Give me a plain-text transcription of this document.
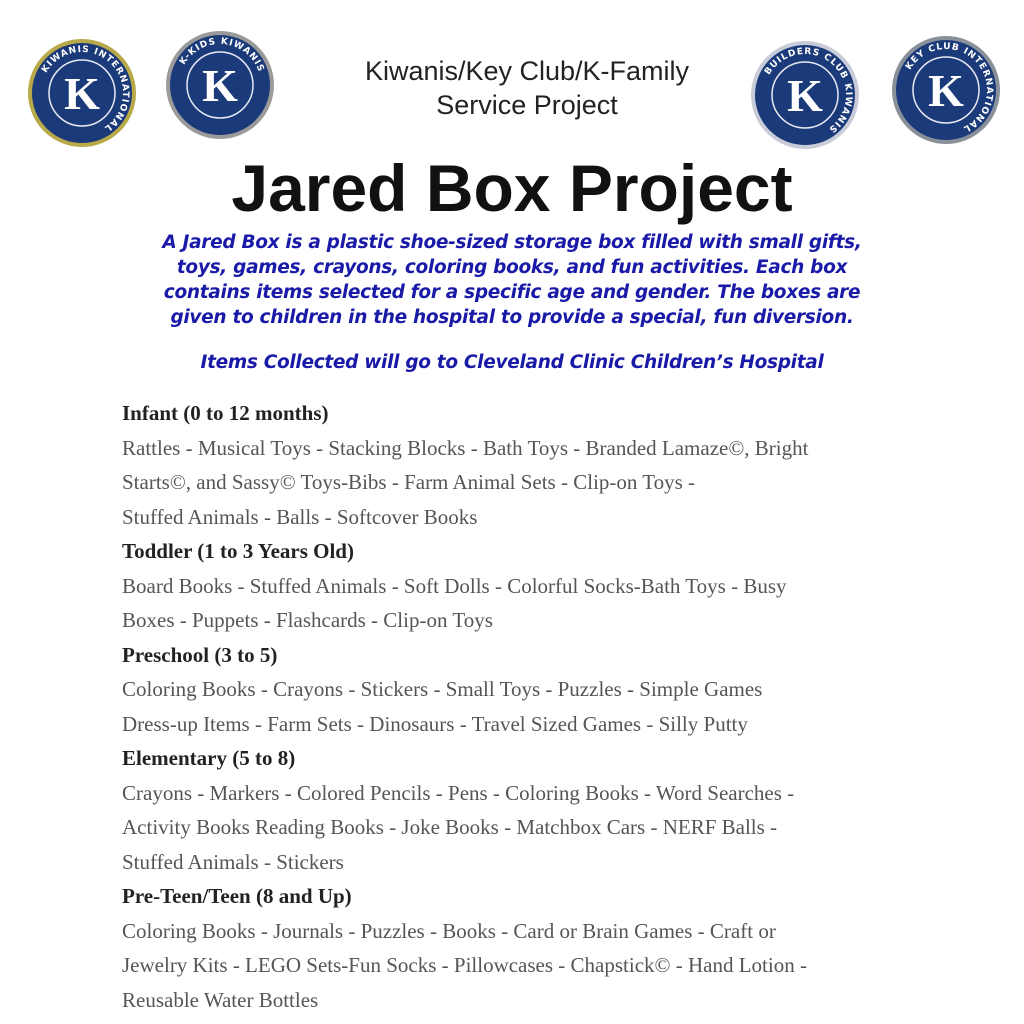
KIWANIS INTERNATIONAL
K
K-KIDS KIWANIS
K	BUILDERS CLUB KIWANIS
K
KEY CLUB INTERNATIONAL
K
Kiwanis/Key Club/K-Family
Service Project
Jared Box Project
A Jared Box is a plastic shoe-sized storage box filled with small gifts,
toys, games, crayons, coloring books, and fun activities. Each box
contains items selected for a specific age and gender. The boxes are
given to children in the hospital to provide a special, fun diversion.
Items Collected will go to Cleveland Clinic Children’s Hospital
Infant (0 to 12 months)
Rattles - Musical Toys - Stacking Blocks - Bath Toys - Branded Lamaze©, Bright
Starts©, and Sassy© Toys-Bibs - Farm Animal Sets - Clip-on Toys -
Stuffed Animals - Balls - Softcover Books
Toddler (1 to 3 Years Old)
Board Books - Stuffed Animals - Soft Dolls - Colorful Socks-Bath Toys - Busy
Boxes - Puppets - Flashcards - Clip-on Toys
Preschool (3 to 5)
Coloring Books - Crayons - Stickers - Small Toys - Puzzles - Simple Games
Dress-up Items - Farm Sets - Dinosaurs - Travel Sized Games - Silly Putty
Elementary (5 to 8)
Crayons - Markers - Colored Pencils - Pens - Coloring Books - Word Searches -
Activity Books Reading Books - Joke Books - Matchbox Cars - NERF Balls -
Stuffed Animals - Stickers
Pre-Teen/Teen (8 and Up)
Coloring Books - Journals - Puzzles - Books - Card or Brain Games - Craft or
Jewelry Kits - LEGO Sets-Fun Socks - Pillowcases - Chapstick© - Hand Lotion -
Reusable Water Bottles
